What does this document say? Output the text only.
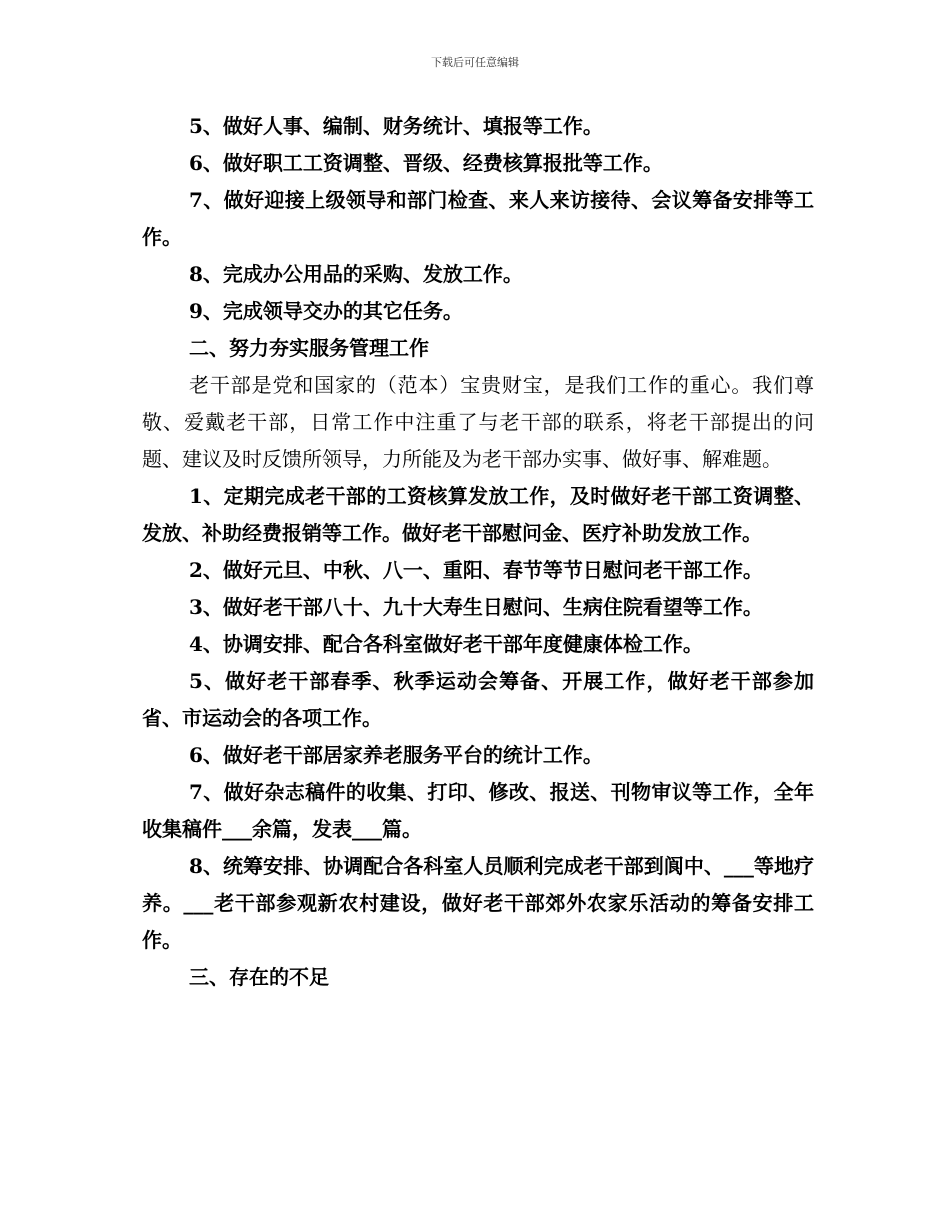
下载后可任意编辑

5、做好人事、编制、财务统计、填报等工作。

6、做好职工工资调整、晋级、经费核算报批等工作。

7、做好迎接上级领导和部门检查、来人来访接待、会议筹备安排等工作。

8、完成办公用品的采购、发放工作。

9、完成领导交办的其它任务。

二、努力夯实服务管理工作

老干部是党和国家的（范本）宝贵财宝，是我们工作的重心。我们尊敬、爱戴老干部，日常工作中注重了与老干部的联系，将老干部提出的问题、建议及时反馈所领导，力所能及为老干部办实事、做好事、解难题。

1、定期完成老干部的工资核算发放工作，及时做好老干部工资调整、发放、补助经费报销等工作。做好老干部慰问金、医疗补助发放工作。

2、做好元旦、中秋、八一、重阳、春节等节日慰问老干部工作。

3、做好老干部八十、九十大寿生日慰问、生病住院看望等工作。

4、协调安排、配合各科室做好老干部年度健康体检工作。

5、做好老干部春季、秋季运动会筹备、开展工作，做好老干部参加省、市运动会的各项工作。

6、做好老干部居家养老服务平台的统计工作。

7、做好杂志稿件的收集、打印、修改、报送、刊物审议等工作，全年收集稿件___余篇，发表___篇。

8、统筹安排、协调配合各科室人员顺利完成老干部到阆中、___等地疗养。___老干部参观新农村建设，做好老干部郊外农家乐活动的筹备安排工作。

三、存在的不足
